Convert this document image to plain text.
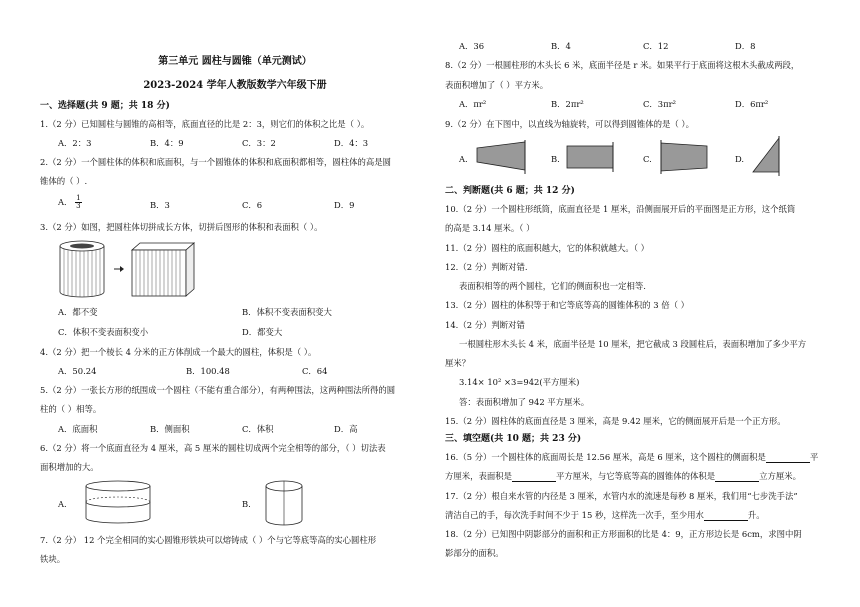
第三单元 圆柱与圆锥（单元测试）
2023-2024 学年人教版数学六年级下册
一、选择题(共 9 题；共 18 分)
1.（2 分）已知圆柱与圆锥的高相等，底面直径的比是 2：3，则它们的体积之比是（ ）。
A．2：3	B．4：9	C．3：2	D．4：3
2.（2 分）一个圆柱体的体积和底面积，与一个圆锥体的体积和底面积都相等，圆柱体的高是圆
锥体的（ ）.
A． $\frac{1}{3}$	B．3	C．6	D．9
3.（2 分）如图，把圆柱体切拼成长方体，切拼后图形的体积和表面积（ ）。
A．都不变	B．体积不变表面积变大
C．体积不变表面积变小	D．都变大
4.（2 分）把一个棱长 4 分米的正方体削成一个最大的圆柱，体积是（ ）。
A．50.24	B．100.48	C．64
5.（2 分）一张长方形的纸围成一个圆柱（不能有重合部分），有两种围法，这两种围法所得的圆
柱的（ ）相等。
A．底面积	B．侧面积	C．体积	D．高
6.（2 分）将一个底面直径为 4 厘米，高 5 厘米的圆柱切成两个完全相等的部分，（ ）切法表
面积增加的大。
A.	B.
7.（2 分） 12 个完全相同的实心圆锥形铁块可以熔铸成（ ）个与它等底等高的实心圆柱形
铁块。
A．36	B．4	C．12	D．8
8.（2 分）一根圆柱形的木头长 6 米，底面半径是 r 米。如果平行于底面将这根木头截成两段，
表面积增加了（ ）平方米。
A．πr²	B．2πr²	C．3πr²	D．6πr²
9.（2 分）在下图中，以直线为轴旋转，可以得到圆锥体的是（ ）。
A.	B.	C.	D.
二、判断题(共 6 题；共 12 分)
10.（2 分）一个圆柱形纸筒，底面直径是 1 厘米，沿侧面展开后的平面图是正方形，这个纸筒
的高是 3.14 厘米。（ ）
11.（2 分）圆柱的底面积越大，它的体积就越大。（ ）
12.（2 分）判断对错.
表面积相等的两个圆柱，它们的侧面积也一定相等.
13.（2 分）圆柱的体积等于和它等底等高的圆锥体积的 3 倍（ ）
14.（2 分）判断对错
一根圆柱形木头长 4 米，底面半径是 10 厘米，把它截成 3 段圆柱后，表面积增加了多少平方
厘米？
3.14× 10² ×3=942(平方厘米)
答：表面积增加了 942 平方厘米。
15.（2 分）圆柱体的底面直径是 3 厘米，高是 9.42 厘米，它的侧面展开后是一个正方形。
三、填空题(共 10 题；共 23 分)
16.（5 分）一个圆柱体的底面周长是 12.56 厘米，高是 6 厘米，这个圆柱的侧面积是	平
方厘米，表面积是	平方厘米，与它等底等高的圆锥体的体积是	立方厘米。
17.（2 分）根自来水管的内径是 3 厘米，水管内水的流速是每秒 8 厘米，我们用“七步洗手法”
清洁自己的手，每次洗手时间不少于 15 秒，这样洗一次手，至少用水	升。
18.（2 分）已知图中阴影部分的面积和正方形面积的比是 4：9，正方形边长是 6cm，求图中阴
影部分的面积。
